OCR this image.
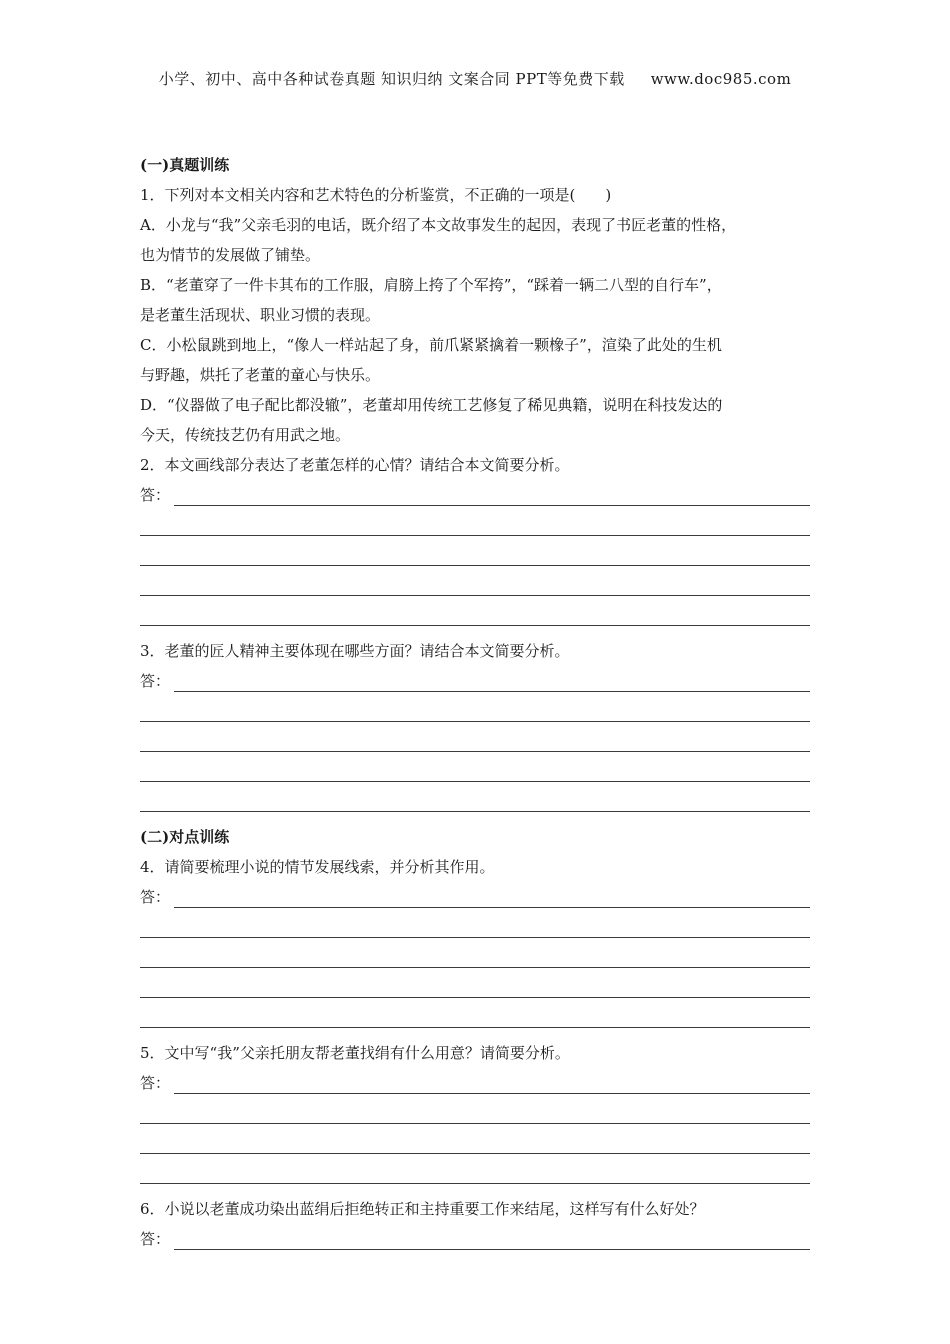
小学、初中、高中各种试卷真题 知识归纳 文案合同 PPT等免费下载 www.doc985.com
(一)真题训练
1．下列对本文相关内容和艺术特色的分析鉴赏，不正确的一项是(　　)
A．小龙与“我”父亲毛羽的电话，既介绍了本文故事发生的起因，表现了书匠老董的性格，
也为情节的发展做了铺垫。
B．“老董穿了一件卡其布的工作服，肩膀上挎了个军挎”，“踩着一辆二八型的自行车”，
是老董生活现状、职业习惯的表现。
C．小松鼠跳到地上，“像人一样站起了身，前爪紧紧擒着一颗橡子”，渲染了此处的生机
与野趣，烘托了老董的童心与快乐。
D．“仪器做了电子配比都没辙”，老董却用传统工艺修复了稀见典籍，说明在科技发达的
今天，传统技艺仍有用武之地。
2．本文画线部分表达了老董怎样的心情？请结合本文简要分析。
答：
3．老董的匠人精神主要体现在哪些方面？请结合本文简要分析。
答：
(二)对点训练
4．请简要梳理小说的情节发展线索，并分析其作用。
答：
5．文中写“我”父亲托朋友帮老董找绢有什么用意？请简要分析。
答：
6．小说以老董成功染出蓝绢后拒绝转正和主持重要工作来结尾，这样写有什么好处？
答：
